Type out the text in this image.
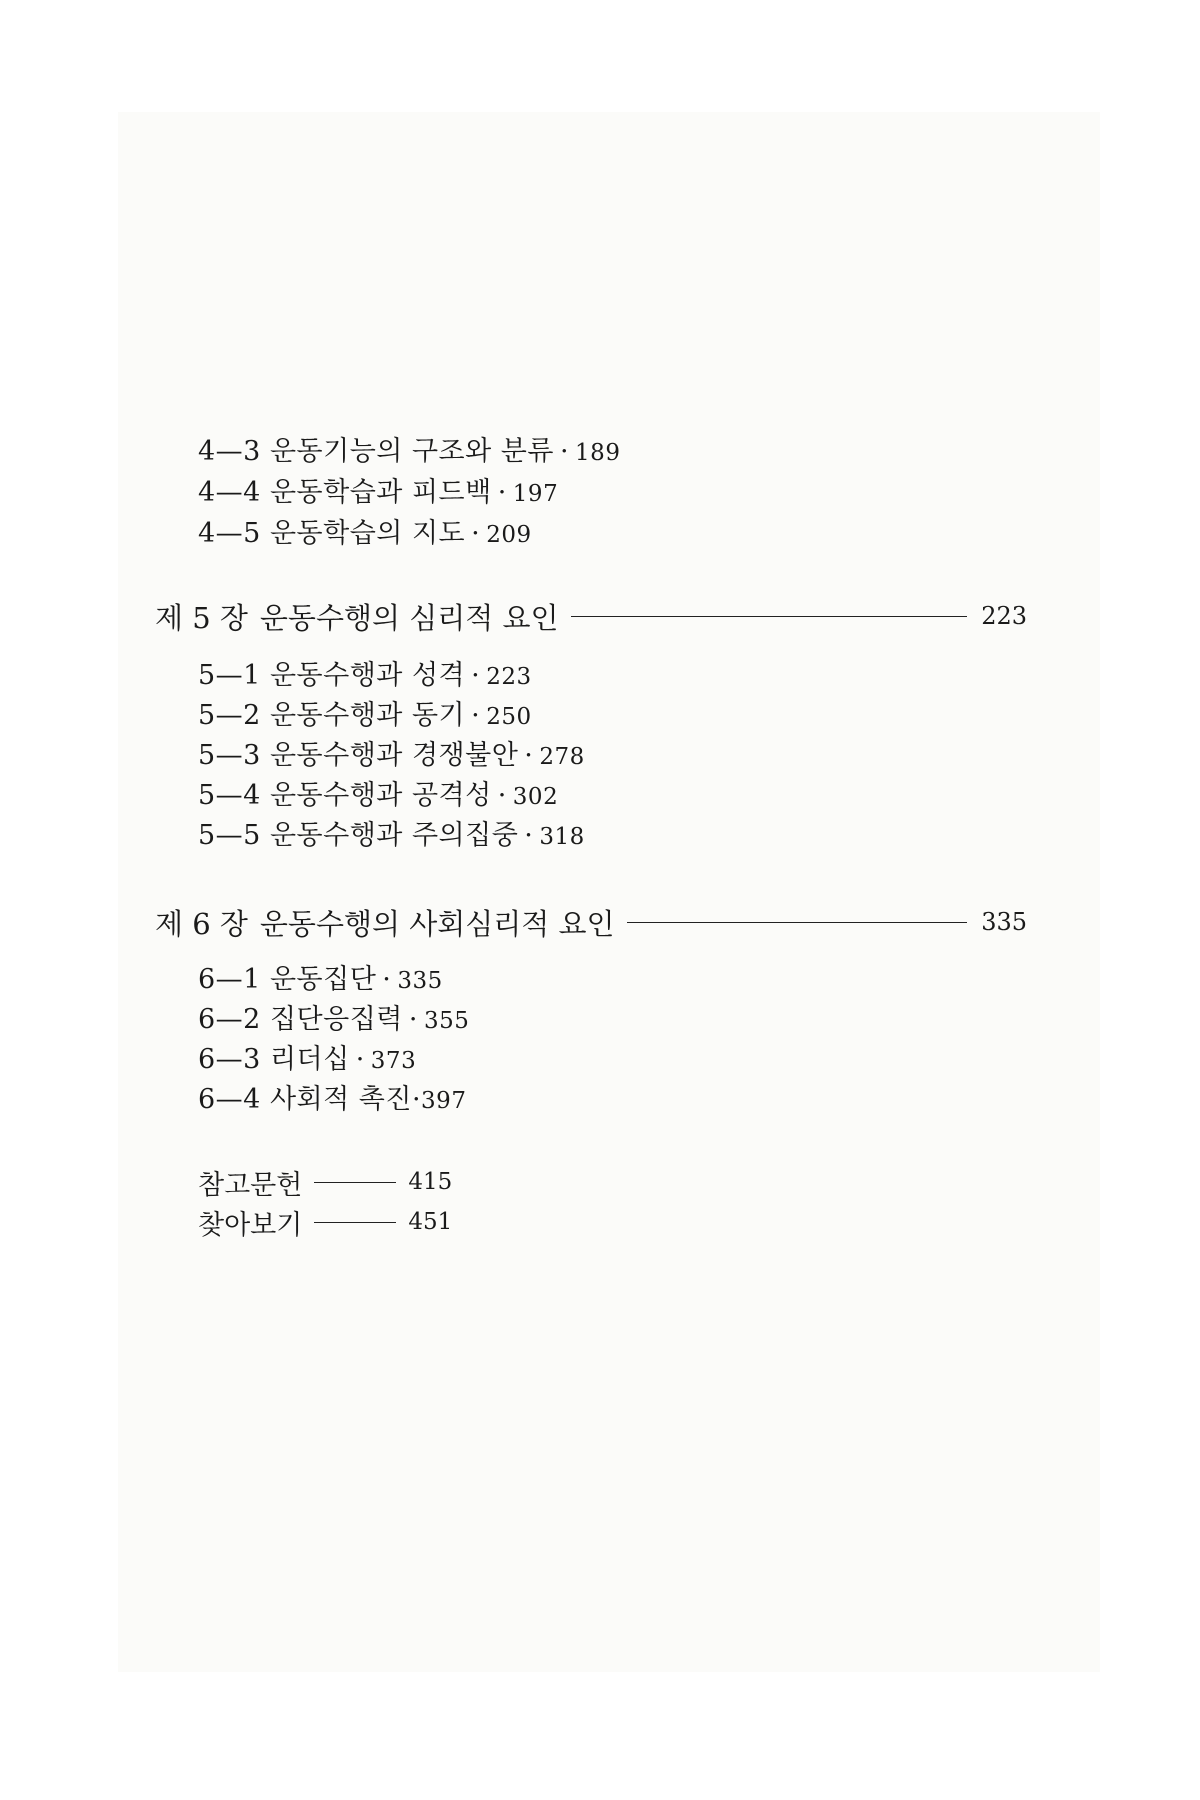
4—3 운동기능의 구조와 분류 · 189
4—4 운동학습과 피드백 · 197
4—5 운동학습의 지도 · 209
제 5 장 운동수행의 심리적 요인	223
5—1 운동수행과 성격 · 223
5—2 운동수행과 동기 · 250
5—3 운동수행과 경쟁불안 · 278
5—4 운동수행과 공격성 · 302
5—5 운동수행과 주의집중 · 318
제 6 장 운동수행의 사회심리적 요인	335
6—1 운동집단 · 335
6—2 집단응집력 · 355
6—3 리더십 · 373
6—4 사회적 촉진·397
참고문헌	415
찾아보기	451
